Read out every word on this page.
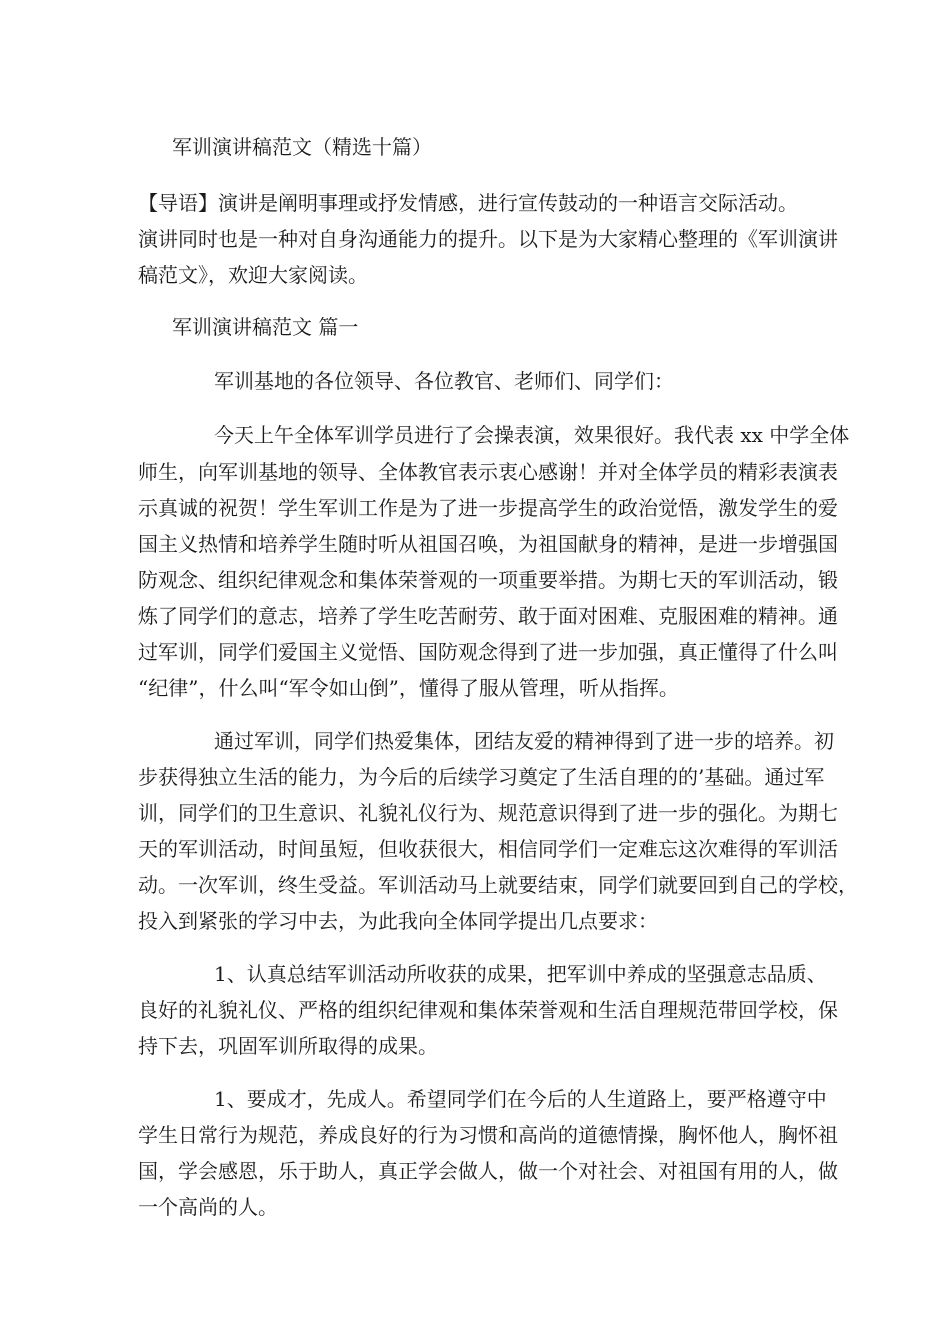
军训演讲稿范文（精选十篇）
【导语】演讲是阐明事理或抒发情感，进行宣传鼓动的一种语言交际活动。
演讲同时也是一种对自身沟通能力的提升。以下是为大家精心整理的《军训演讲
稿范文》，欢迎大家阅读。
军训演讲稿范文 篇一
军训基地的各位领导、各位教官、老师们、同学们：
今天上午全体军训学员进行了会操表演，效果很好。我代表 xx 中学全体
师生，向军训基地的领导、全体教官表示衷心感谢！并对全体学员的精彩表演表
示真诚的祝贺！学生军训工作是为了进一步提高学生的政治觉悟，激发学生的爱
国主义热情和培养学生随时听从祖国召唤，为祖国献身的精神，是进一步增强国
防观念、组织纪律观念和集体荣誉观的一项重要举措。为期七天的军训活动，锻
炼了同学们的意志，培养了学生吃苦耐劳、敢于面对困难、克服困难的精神。通
过军训，同学们爱国主义觉悟、国防观念得到了进一步加强，真正懂得了什么叫
“纪律”，什么叫“军令如山倒”，懂得了服从管理，听从指挥。
通过军训，同学们热爱集体，团结友爱的精神得到了进一步的培养。初
步获得独立生活的能力，为今后的后续学习奠定了生活自理的的’基础。通过军
训，同学们的卫生意识、礼貌礼仪行为、规范意识得到了进一步的强化。为期七
天的军训活动，时间虽短，但收获很大，相信同学们一定难忘这次难得的军训活
动。一次军训，终生受益。军训活动马上就要结束，同学们就要回到自己的学校，
投入到紧张的学习中去，为此我向全体同学提出几点要求：
1、认真总结军训活动所收获的成果，把军训中养成的坚强意志品质、
良好的礼貌礼仪、严格的组织纪律观和集体荣誉观和生活自理规范带回学校，保
持下去，巩固军训所取得的成果。
1、要成才，先成人。希望同学们在今后的人生道路上，要严格遵守中
学生日常行为规范，养成良好的行为习惯和高尚的道德情操，胸怀他人，胸怀祖
国，学会感恩，乐于助人，真正学会做人，做一个对社会、对祖国有用的人，做
一个高尚的人。
